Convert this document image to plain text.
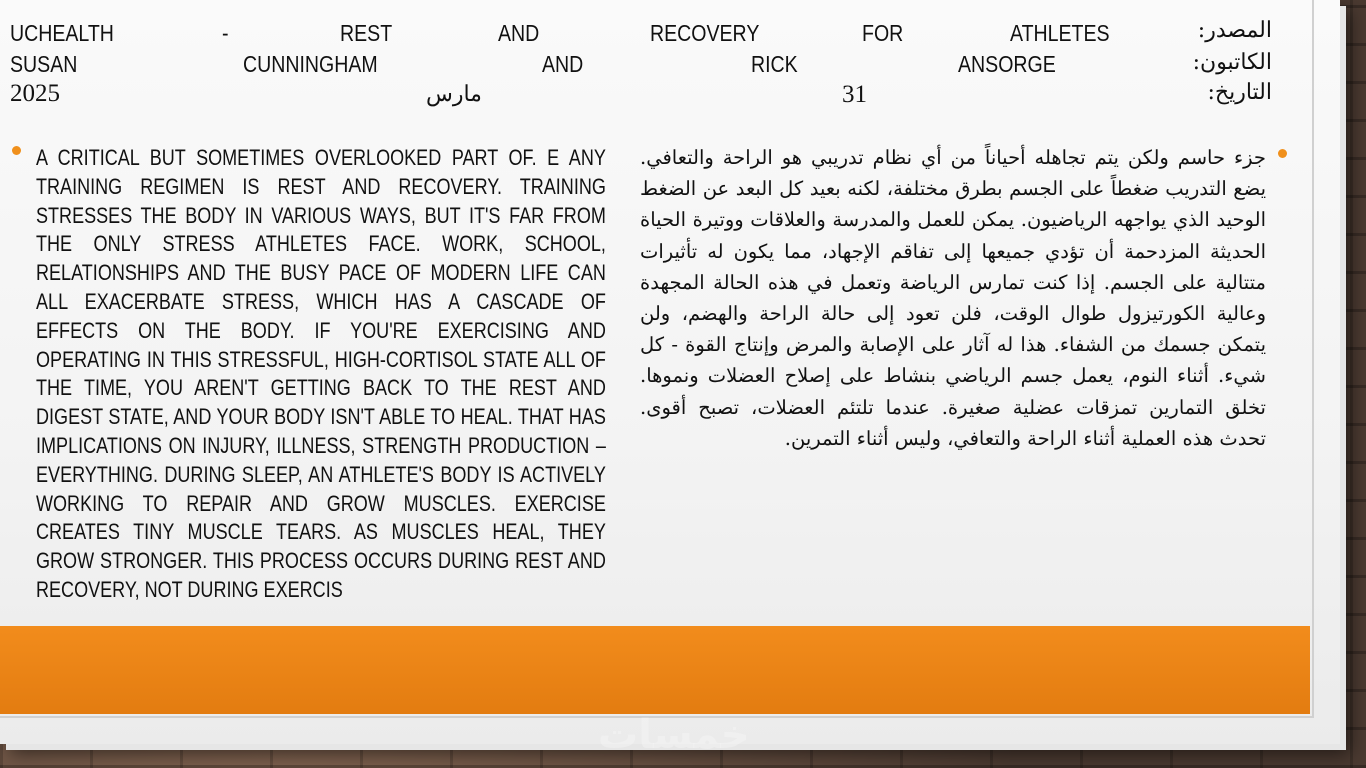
UCHEALTH	-	REST	AND	RECOVERY	FOR	ATHLETES	المصدر:
SUSAN	CUNNINGHAM	AND	RICK	ANSORGE	الكاتبون:
2025	مارس	31	التاريخ:
A CRITICAL BUT SOMETIMES OVERLOOKED PART OF. E ANY TRAINING REGIMEN IS REST AND RECOVERY. TRAINING STRESSES THE BODY IN VARIOUS WAYS, BUT IT'S FAR FROM THE ONLY STRESS ATHLETES FACE. WORK, SCHOOL, RELATIONSHIPS AND THE BUSY PACE OF MODERN LIFE CAN ALL EXACERBATE STRESS, WHICH HAS A CASCADE OF EFFECTS ON THE BODY. IF YOU'RE EXERCISING AND OPERATING IN THIS STRESSFUL, HIGH-CORTISOL STATE ALL OF THE TIME, YOU AREN'T GETTING BACK TO THE REST AND DIGEST STATE, AND YOUR BODY ISN'T ABLE TO HEAL. THAT HAS IMPLICATIONS ON INJURY, ILLNESS, STRENGTH PRODUCTION – EVERYTHING. DURING SLEEP, AN ATHLETE'S BODY IS ACTIVELY WORKING TO REPAIR AND GROW MUSCLES. EXERCISE CREATES TINY MUSCLE TEARS. AS MUSCLES HEAL, THEY GROW STRONGER. THIS PROCESS OCCURS DURING REST AND RECOVERY, NOT DURING EXERCIS
جزء حاسم ولكن يتم تجاهله أحياناً من أي نظام تدريبي هو الراحة والتعافي. يضع التدريب ضغطاً على الجسم بطرق مختلفة، لكنه بعيد كل البعد عن الضغط الوحيد الذي يواجهه الرياضيون. يمكن للعمل والمدرسة والعلاقات ووتيرة الحياة الحديثة المزدحمة أن تؤدي جميعها إلى تفاقم الإجهاد، مما يكون له تأثيرات متتالية على الجسم. إذا كنت تمارس الرياضة وتعمل في هذه الحالة المجهدة وعالية الكورتيزول طوال الوقت، فلن تعود إلى حالة الراحة والهضم، ولن يتمكن جسمك من الشفاء. هذا له آثار على الإصابة والمرض وإنتاج القوة - كل شيء. أثناء النوم، يعمل جسم الرياضي بنشاط على إصلاح العضلات ونموها. تخلق التمارين تمزقات عضلية صغيرة. عندما تلتئم العضلات، تصبح أقوى. تحدث هذه العملية أثناء الراحة والتعافي، وليس أثناء التمرين.
خمسات
